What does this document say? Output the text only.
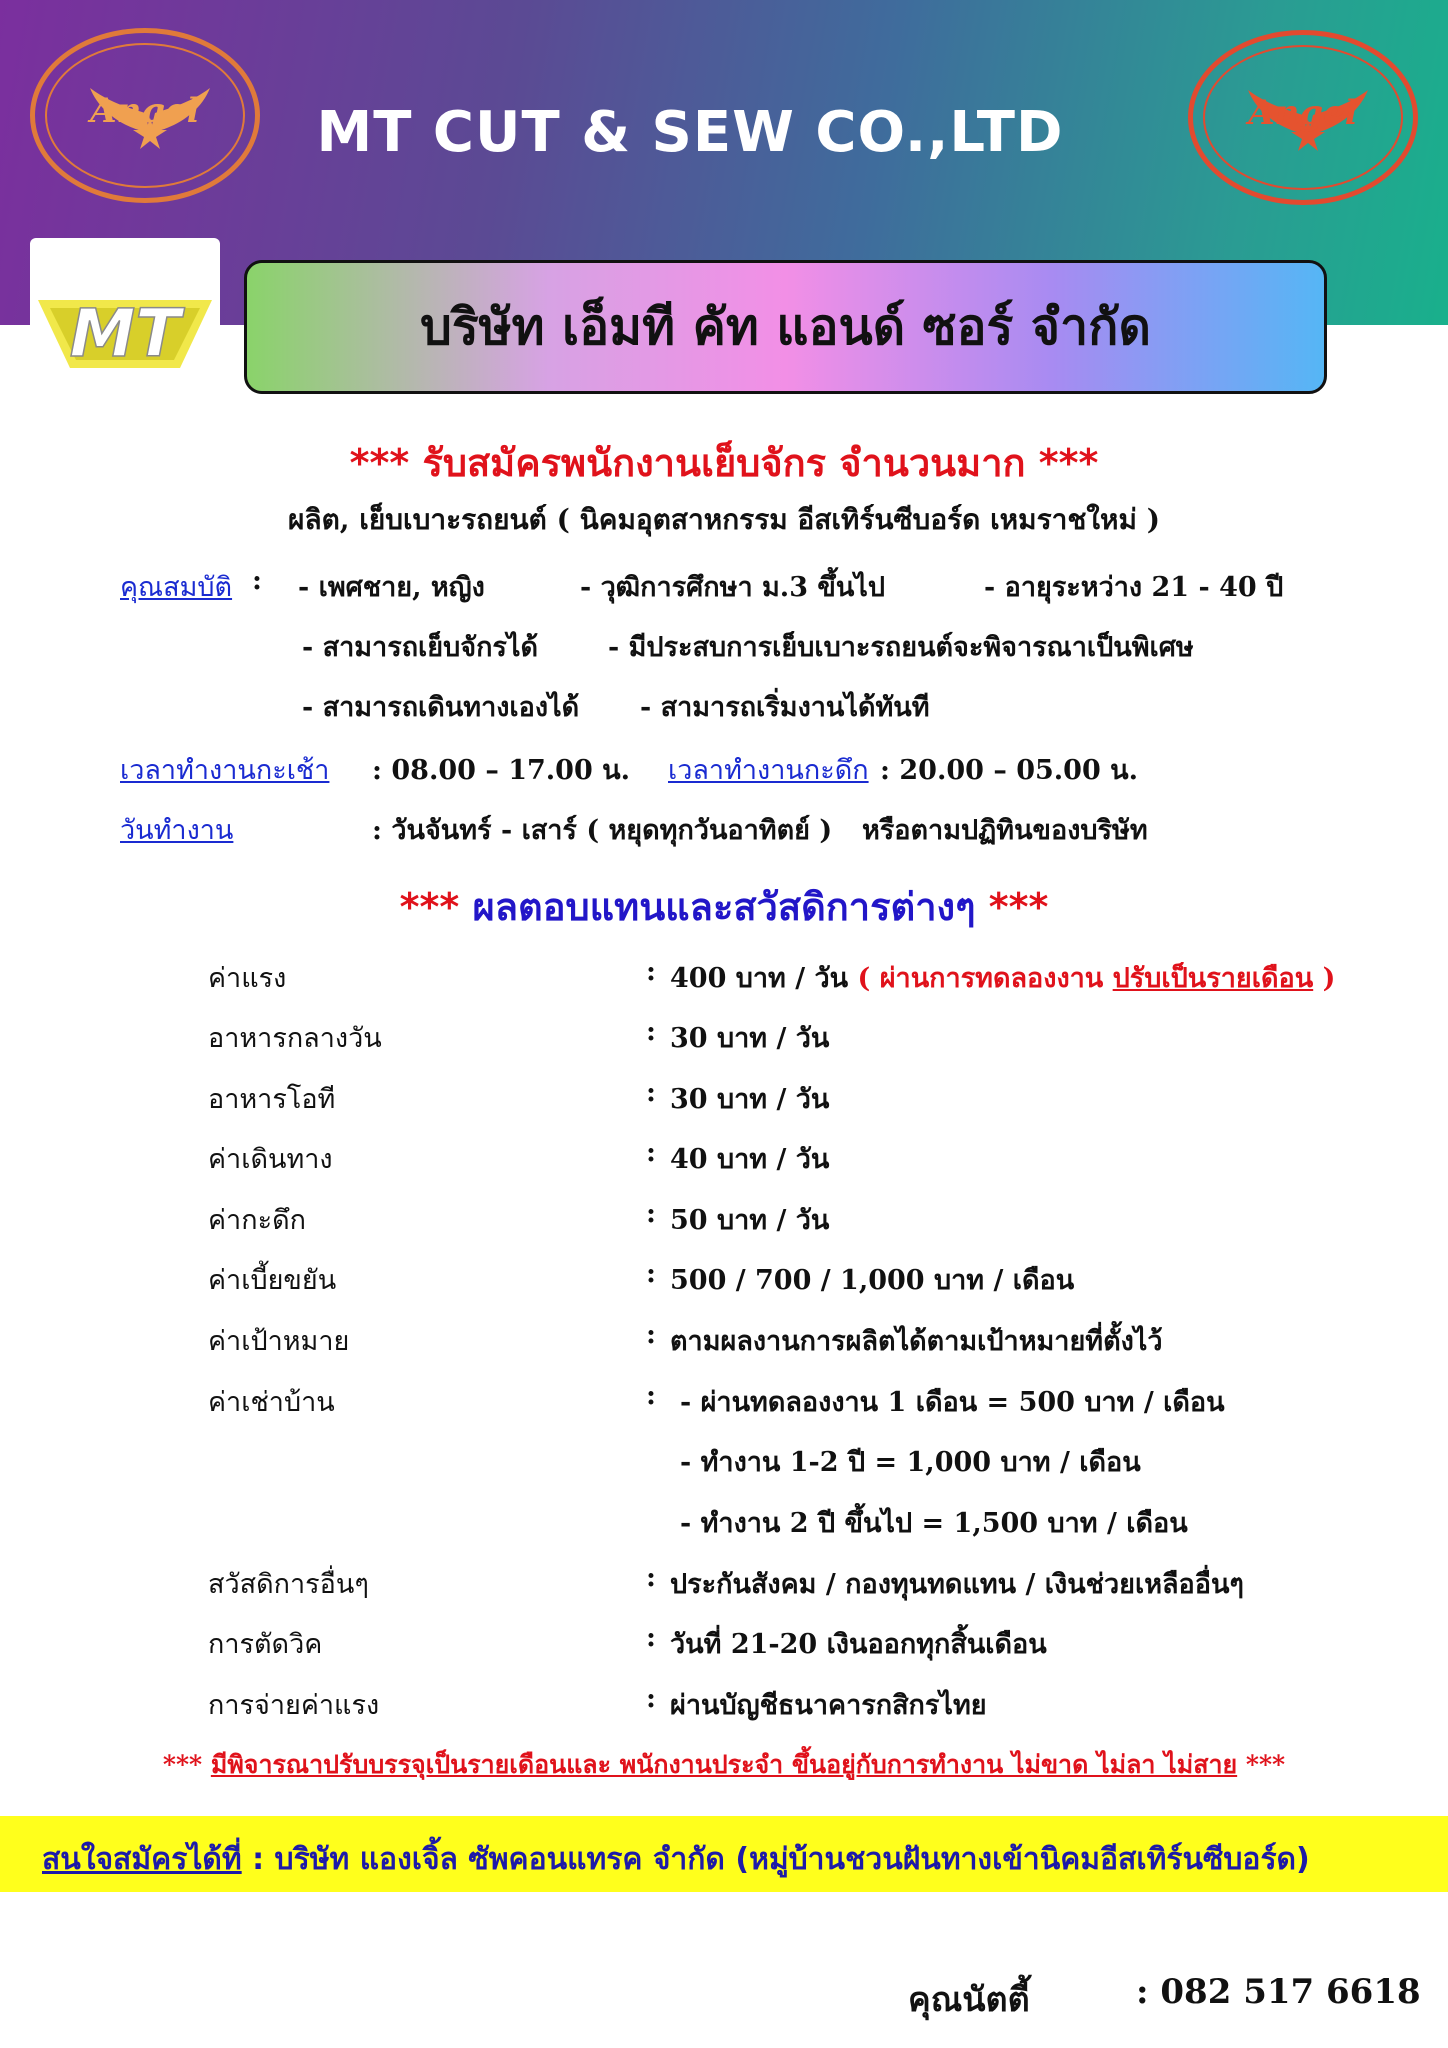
Angel	Angel
MT CUT & SEW CO.,LTD
MT	บริษัท เอ็มที คัท แอนด์ ซอร์ จำกัด
*** รับสมัครพนักงานเย็บจักร จำนวนมาก ***
ผลิต, เย็บเบาะรถยนต์ ( นิคมอุตสาหกรรม อีสเทิร์นซีบอร์ด เหมราชใหม่ )
คุณสมบัติ : - เพศชาย, หญิง	- วุฒิการศึกษา ม.3 ขึ้นไป	- อายุระหว่าง 21 - 40 ปี
- สามารถเย็บจักรได้	- มีประสบการเย็บเบาะรถยนต์จะพิจารณาเป็นพิเศษ
- สามารถเดินทางเองได้ - สามารถเริ่มงานได้ทันที
เวลาทำงานกะเช้า : 08.00 – 17.00 น. เวลาทำงานกะดึก : 20.00 – 05.00 น.
วันทำงาน	: วันจันทร์ - เสาร์ ( หยุดทุกวันอาทิตย์ ) หรือตามปฏิทินของบริษัท
*** ผลตอบแทนและสวัสดิการต่างๆ ***
ค่าแรง	: 400 บาท / วัน ( ผ่านการทดลองงาน ปรับเป็นรายเดือน )
อาหารกลางวัน	: 30 บาท / วัน
อาหารโอที	: 30 บาท / วัน
ค่าเดินทาง	: 40 บาท / วัน
ค่ากะดึก	: 50 บาท / วัน
ค่าเบี้ยขยัน	: 500 / 700 / 1,000 บาท / เดือน
ค่าเป้าหมาย	: ตามผลงานการผลิตได้ตามเป้าหมายที่ตั้งไว้
ค่าเช่าบ้าน	: - ผ่านทดลองงาน 1 เดือน = 500 บาท / เดือน
- ทำงาน 1-2 ปี = 1,000 บาท / เดือน
- ทำงาน 2 ปี ขึ้นไป = 1,500 บาท / เดือน
สวัสดิการอื่นๆ	: ประกันสังคม / กองทุนทดแทน / เงินช่วยเหลืออื่นๆ
การตัดวิค	: วันที่ 21-20 เงินออกทุกสิ้นเดือน
การจ่ายค่าแรง	: ผ่านบัญชีธนาคารกสิกรไทย
*** มีพิจารณาปรับบรรจุเป็นรายเดือนและ พนักงานประจำ ขึ้นอยู่กับการทำงาน ไม่ขาด ไม่ลา ไม่สาย ***
สนใจสมัครได้ที่ : บริษัท แองเจิ้ล ซัพคอนแทรค จำกัด (หมู่บ้านชวนฝันทางเข้านิคมอีสเทิร์นซีบอร์ด)
คุณนัตตี้	: 082 517 6618
